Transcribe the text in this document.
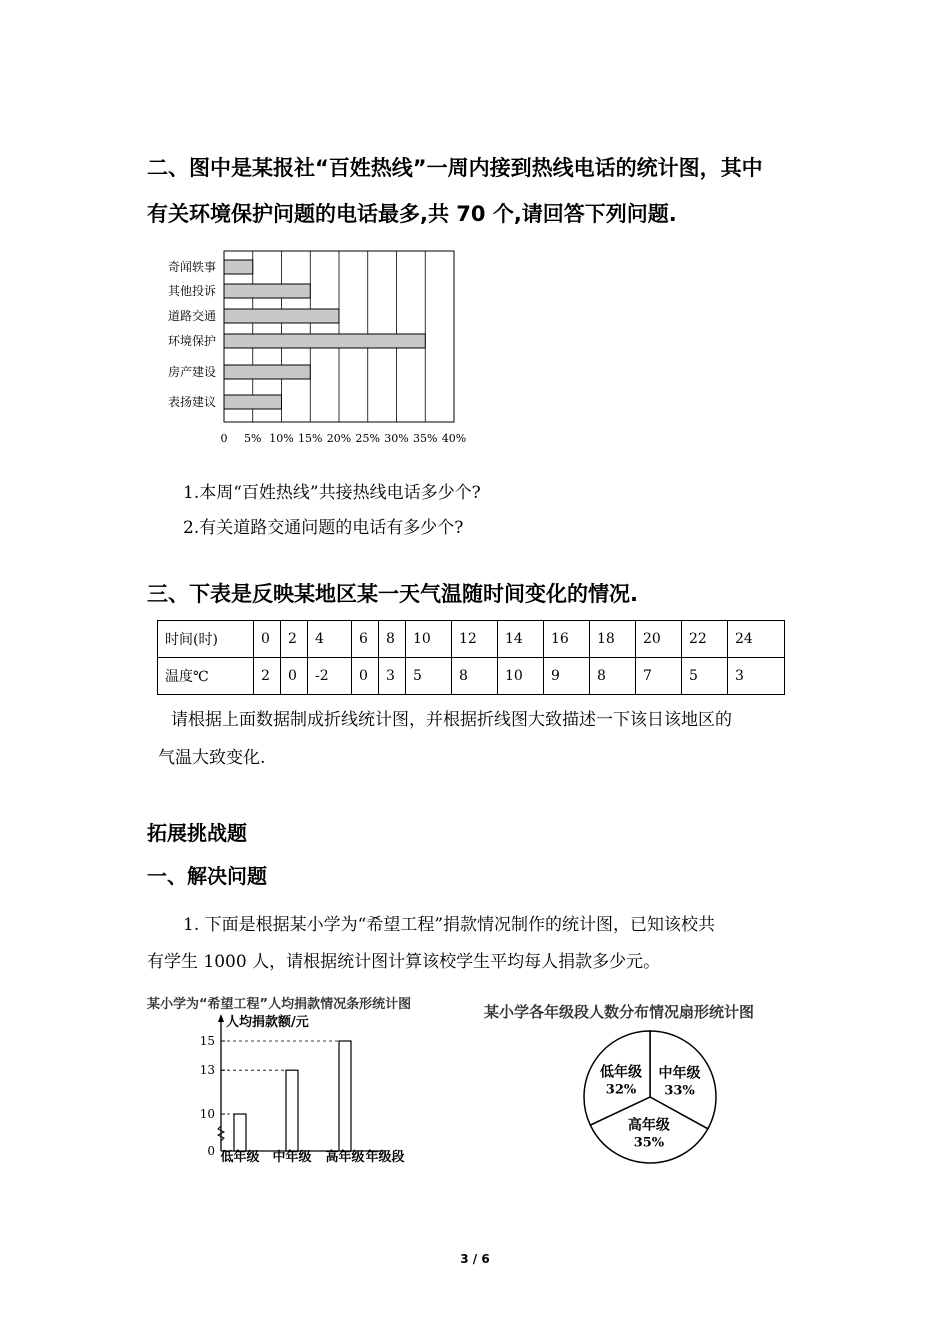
二、图中是某报社“百姓热线”一周内接到热线电话的统计图，其中
有关环境保护问题的电话最多,共 70 个,请回答下列问题.
奇闻轶事
其他投诉
道路交通
环境保护
房产建设
表扬建议
0 5% 10% 15% 20% 25% 30% 35% 40%
1.本周“百姓热线”共接热线电话多少个?
2.有关道路交通问题的电话有多少个?
三、下表是反映某地区某一天气温随时间变化的情况.
时间(时)	0	2	4	6	8	10	12	14	16	18	20	22	24
温度℃	2	0	-2	0	3	5	8	10	9	8	7	5	3
请根据上面数据制成折线统计图，并根据折线图大致描述一下该日该地区的
气温大致变化.
拓展挑战题
一、解决问题
1. 下面是根据某小学为“希望工程”捐款情况制作的统计图，已知该校共
有学生 1000 人，请根据统计图计算该校学生平均每人捐款多少元。
某小学为“希望工程”人均捐款情况条形统计图
人均捐款额/元
年级段
0
10
13
15
低年级 中年级 高年级
某小学各年级段人数分布情况扇形统计图
中年级
33%
高年级
35%
低年级
32%
3 / 6
